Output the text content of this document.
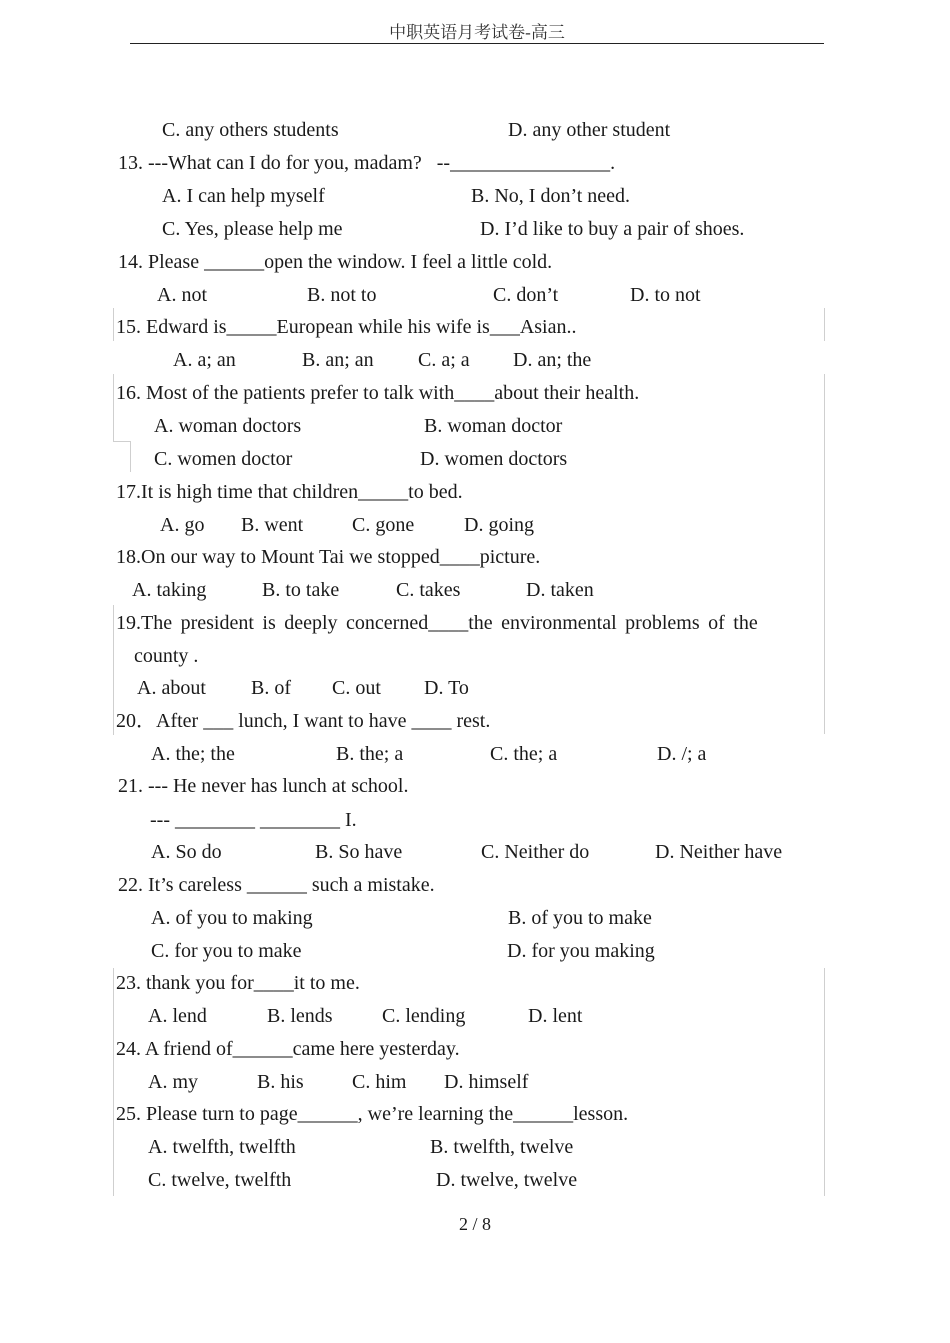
中职英语月考试卷-高三
C. any others students	D. any other student
13. ---What can I do for you, madam?   --________________.
A. I can help myself	B. No, I don’t need.
C. Yes, please help me	D. I’d like to buy a pair of shoes.
14. Please ______open the window. I feel a little cold.
A. not	B. not to	C. don’t	D. to not
15. Edward is_____European while his wife is___Asian..
A. a; an	B. an; an C. a; a D. an; the
16. Most of the patients prefer to talk with____about their health.
A. woman doctors	B. woman doctor
C. women doctor	D. women doctors
17.It is high time that children_____to bed.
A. go B. went C. gone D. going
18.On our way to Mount Tai we stopped____picture.
A. taking	B. to take	C. takes	D. taken
19.The president is deeply concerned____the environmental problems of the
county .
A. about B. of C. out D. To
20．After ___ lunch, I want to have ____ rest.
A. the; the	B. the; a	C. the; a	D. /; a
21. --- He never has lunch at school.
--- ________ ________ I.
A. So do	B. So have	C. Neither do	D. Neither have
22. It’s careless ______ such a mistake.
A. of you to making	B. of you to make
C. for you to make	D. for you making
23. thank you for____it to me.
A. lend	B. lends C. lending	D. lent
24. A friend of______came here yesterday.
A. my	B. his C. him D. himself
25. Please turn to page______, we’re learning the______lesson.
A. twelfth, twelfth	B. twelfth, twelve
C. twelve, twelfth	D. twelve, twelve
2 / 8
